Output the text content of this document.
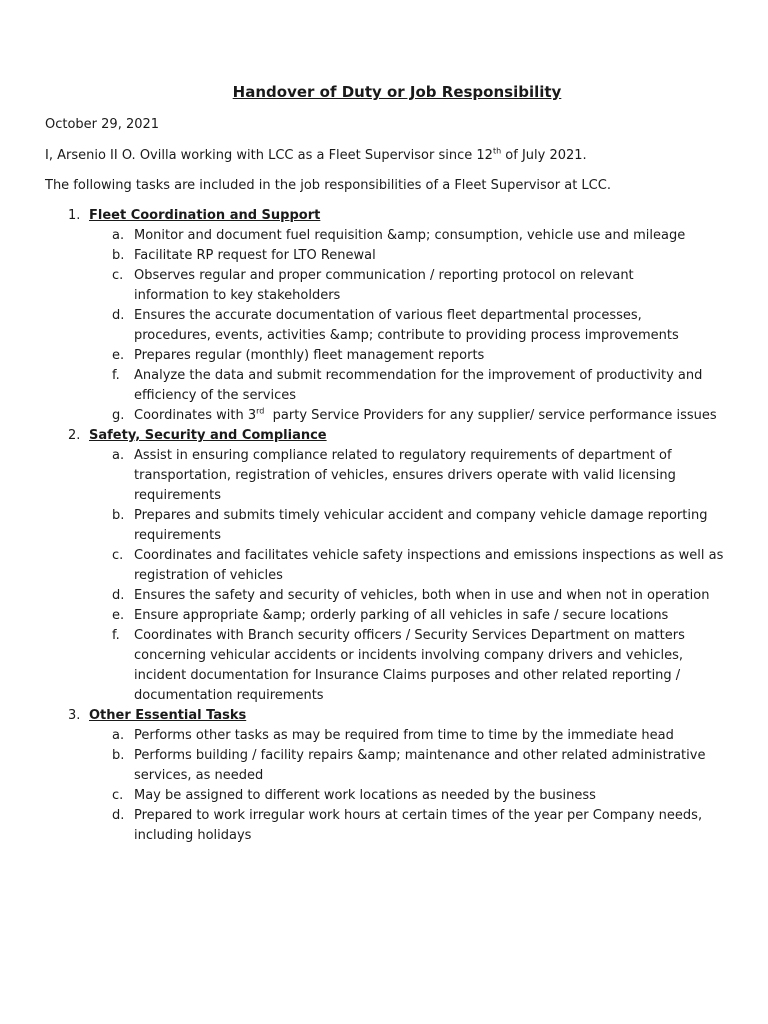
Handover of Duty or Job Responsibility
October 29, 2021
I, Arsenio II O. Ovilla working with LCC as a Fleet Supervisor since 12th of July 2021.
The following tasks are included in the job responsibilities of a Fleet Supervisor at LCC.
1. Fleet Coordination and Support
a. Monitor and document fuel requisition &amp; consumption, vehicle use and mileage
b. Facilitate RP request for LTO Renewal
c. Observes regular and proper communication / reporting protocol on relevant
information to key stakeholders
d. Ensures the accurate documentation of various fleet departmental processes,
procedures, events, activities &amp; contribute to providing process improvements
e. Prepares regular (monthly) fleet management reports
f.	Analyze the data and submit recommendation for the improvement of productivity and
efficiency of the services
g. Coordinates with 3rd  party Service Providers for any supplier/ service performance issues
2. Safety, Security and Compliance
a. Assist in ensuring compliance related to regulatory requirements of department of
transportation, registration of vehicles, ensures drivers operate with valid licensing
requirements
b. Prepares and submits timely vehicular accident and company vehicle damage reporting
requirements
c. Coordinates and facilitates vehicle safety inspections and emissions inspections as well as
registration of vehicles
d. Ensures the safety and security of vehicles, both when in use and when not in operation
e. Ensure appropriate &amp; orderly parking of all vehicles in safe / secure locations
f.	Coordinates with Branch security officers / Security Services Department on matters
concerning vehicular accidents or incidents involving company drivers and vehicles,
incident documentation for Insurance Claims purposes and other related reporting /
documentation requirements
3. Other Essential Tasks
a. Performs other tasks as may be required from time to time by the immediate head
b. Performs building / facility repairs &amp; maintenance and other related administrative
services, as needed
c. May be assigned to different work locations as needed by the business
d. Prepared to work irregular work hours at certain times of the year per Company needs,
including holidays
